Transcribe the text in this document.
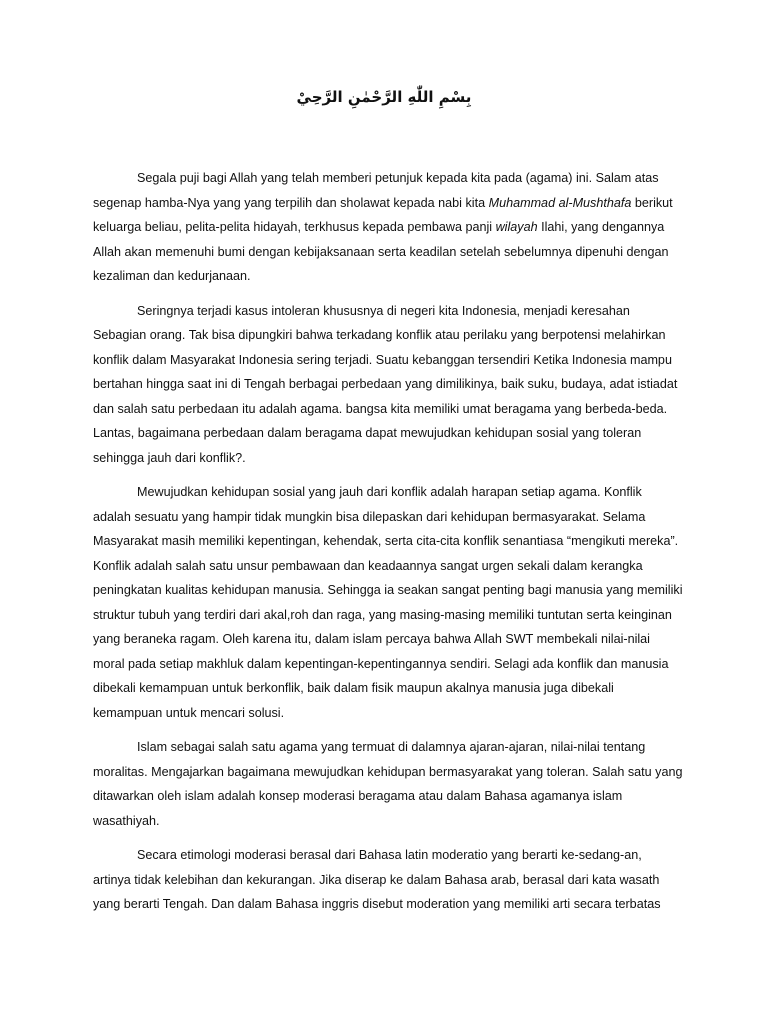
بِسْمِ اللّٰهِ الرَّحْمٰنِ الرَّحِيْ

Segala puji bagi Allah yang telah memberi petunjuk kepada kita pada (agama) ini. Salam atas segenap hamba-Nya yang yang terpilih dan sholawat kepada nabi kita Muhammad al-Mushthafa berikut keluarga beliau, pelita-pelita hidayah, terkhusus kepada pembawa panji wilayah Ilahi, yang dengannya Allah akan memenuhi bumi dengan kebijaksanaan serta keadilan setelah sebelumnya dipenuhi dengan kezaliman dan kedurjanaan.

Seringnya terjadi kasus intoleran khususnya di negeri kita Indonesia, menjadi keresahan Sebagian orang. Tak bisa dipungkiri bahwa terkadang konflik atau perilaku yang berpotensi melahirkan konflik dalam Masyarakat Indonesia sering terjadi. Suatu kebanggan tersendiri Ketika Indonesia mampu bertahan hingga saat ini di Tengah berbagai perbedaan yang dimilikinya, baik suku, budaya, adat istiadat dan salah satu perbedaan itu adalah agama. bangsa kita memiliki umat beragama yang berbeda-beda. Lantas, bagaimana perbedaan dalam beragama dapat mewujudkan kehidupan sosial yang toleran sehingga jauh dari konflik?.

Mewujudkan kehidupan sosial yang jauh dari konflik adalah harapan setiap agama. Konflik adalah sesuatu yang hampir tidak mungkin bisa dilepaskan dari kehidupan bermasyarakat. Selama Masyarakat masih memiliki kepentingan, kehendak, serta cita-cita konflik senantiasa “mengikuti mereka”. Konflik adalah salah satu unsur pembawaan dan keadaannya sangat urgen sekali dalam kerangka peningkatan kualitas kehidupan manusia. Sehingga ia seakan sangat penting bagi manusia yang memiliki struktur tubuh yang terdiri dari akal,roh dan raga, yang masing-masing memiliki tuntutan serta keinginan yang beraneka ragam. Oleh karena itu, dalam islam percaya bahwa Allah SWT membekali nilai-nilai moral pada setiap makhluk dalam kepentingan-kepentingannya sendiri. Selagi ada konflik dan manusia dibekali kemampuan untuk berkonflik, baik dalam fisik maupun akalnya manusia juga dibekali kemampuan untuk mencari solusi.

Islam sebagai salah satu agama yang termuat di dalamnya ajaran-ajaran, nilai-nilai tentang moralitas. Mengajarkan bagaimana mewujudkan kehidupan bermasyarakat yang toleran. Salah satu yang ditawarkan oleh islam adalah konsep moderasi beragama atau dalam Bahasa agamanya islam wasathiyah.

Secara etimologi moderasi berasal dari Bahasa latin moderatio yang berarti ke-sedang-an, artinya tidak kelebihan dan kekurangan. Jika diserap ke dalam Bahasa arab, berasal dari kata wasath yang berarti Tengah. Dan dalam Bahasa inggris disebut moderation yang memiliki arti secara terbatas
